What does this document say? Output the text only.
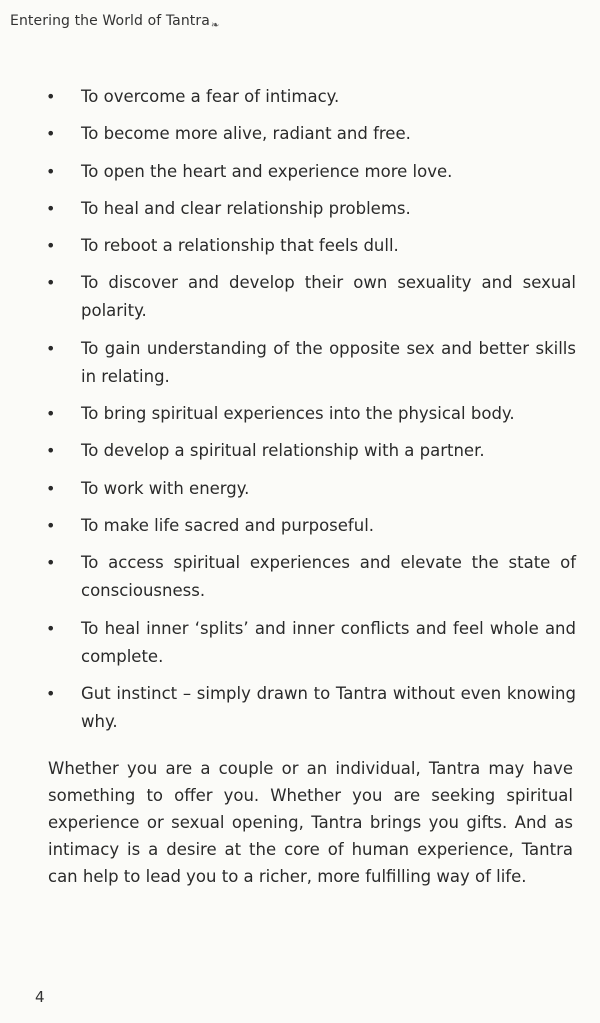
Entering the World of Tantra❧
• To overcome a fear of intimacy.
• To become more alive, radiant and free.
• To open the heart and experience more love.
• To heal and clear relationship problems.
• To reboot a relationship that feels dull.
• To discover and develop their own sexuality and sexual polarity.
• To gain understanding of the opposite sex and better skills in relating.
• To bring spiritual experiences into the physical body.
• To develop a spiritual relationship with a partner.
• To work with energy.
• To make life sacred and purposeful.
• To access spiritual experiences and elevate the state of consciousness.
• To heal inner ‘splits’ and inner conflicts and feel whole and complete.
• Gut instinct – simply drawn to Tantra without even knowing why.

Whether you are a couple or an individual, Tantra may have something to offer you. Whether you are seeking spiritual experience or sexual opening, Tantra brings you gifts. And as intimacy is a desire at the core of human experience, Tantra can help to lead you to a richer, more fulfilling way of life.

4
